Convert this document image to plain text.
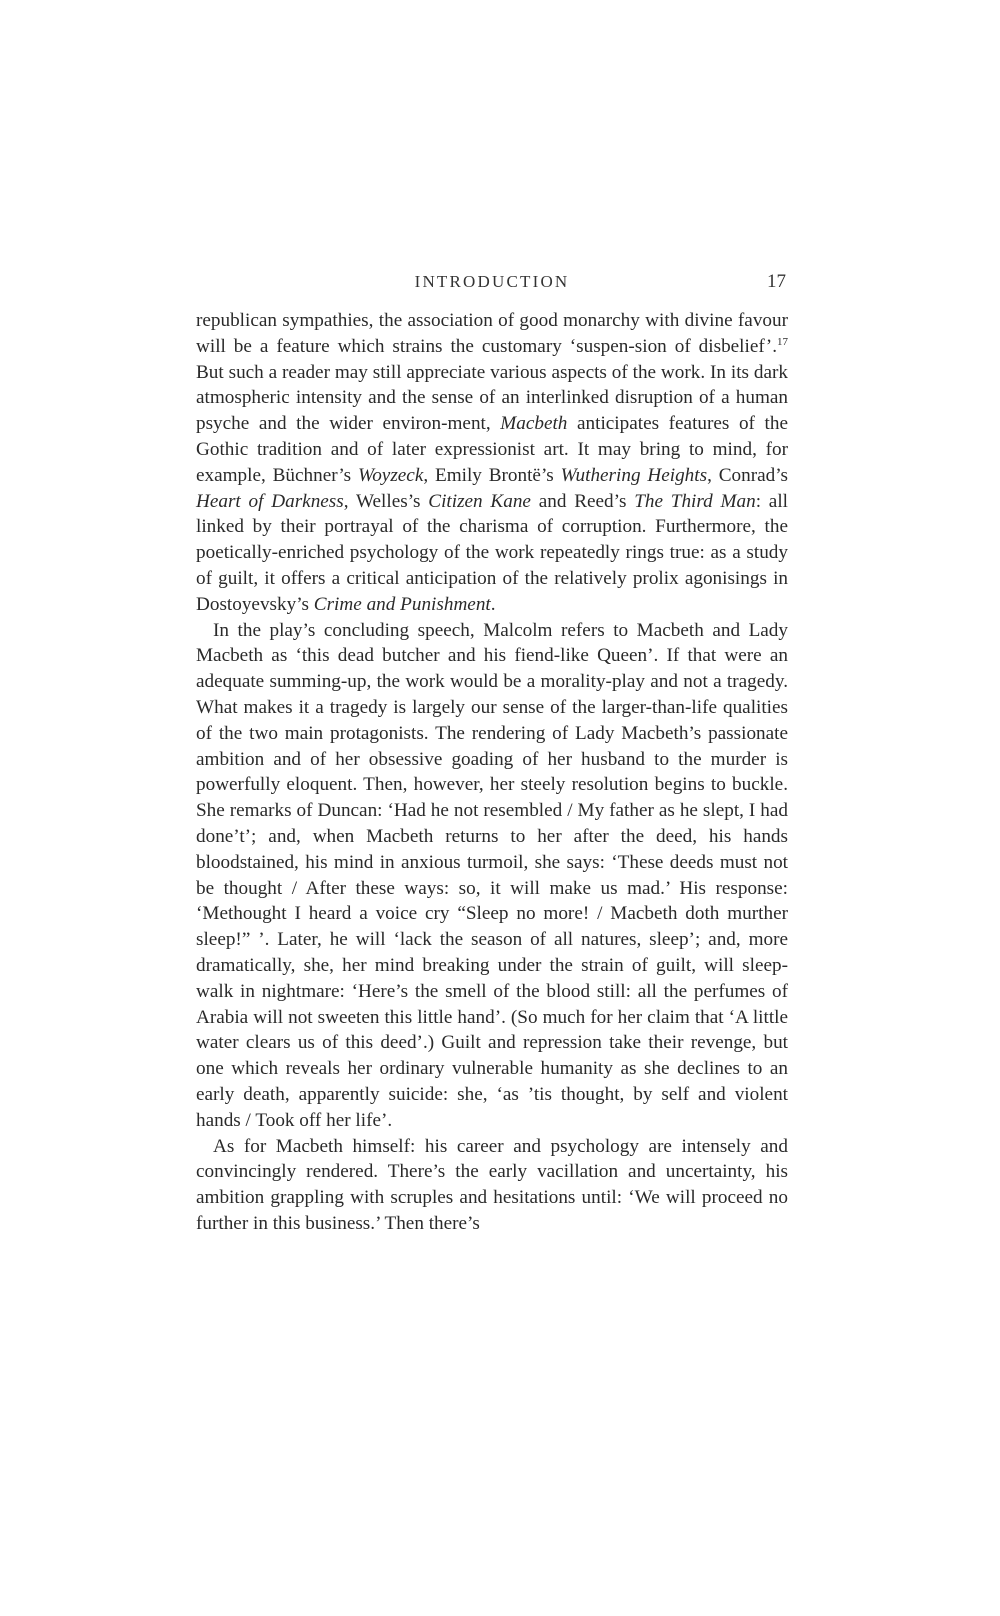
INTRODUCTION	17

republican sympathies, the association of good monarchy with divine favour will be a feature which strains the customary ‘suspen-sion of disbelief’.$^{17}$ But such a reader may still appreciate various aspects of the work. In its dark atmospheric intensity and the sense of an interlinked disruption of a human psyche and the wider environ-ment, Macbeth anticipates features of the Gothic tradition and of later expressionist art. It may bring to mind, for example, Büchner’s Woyzeck, Emily Brontë’s Wuthering Heights, Conrad’s Heart of Darkness, Welles’s Citizen Kane and Reed’s The Third Man: all linked by their portrayal of the charisma of corruption. Furthermore, the poetically-enriched psychology of the work repeatedly rings true: as a study of guilt, it offers a critical anticipation of the relatively prolix agonisings in Dostoyevsky’s Crime and Punishment.

In the play’s concluding speech, Malcolm refers to Macbeth and Lady Macbeth as ‘this dead butcher and his fiend-like Queen’. If that were an adequate summing-up, the work would be a morality-play and not a tragedy. What makes it a tragedy is largely our sense of the larger-than-life qualities of the two main protagonists. The rendering of Lady Macbeth’s passionate ambition and of her obsessive goading of her husband to the murder is powerfully eloquent. Then, however, her steely resolution begins to buckle. She remarks of Duncan: ‘Had he not resembled / My father as he slept, I had done’t’; and, when Macbeth returns to her after the deed, his hands bloodstained, his mind in anxious turmoil, she says: ‘These deeds must not be thought / After these ways: so, it will make us mad.’ His response: ‘Methought I heard a voice cry “Sleep no more! / Macbeth doth murther sleep!” ’. Later, he will ‘lack the season of all natures, sleep’; and, more dramatically, she, her mind breaking under the strain of guilt, will sleep-walk in nightmare: ‘Here’s the smell of the blood still: all the perfumes of Arabia will not sweeten this little hand’. (So much for her claim that ‘A little water clears us of this deed’.) Guilt and repression take their revenge, but one which reveals her ordinary vulnerable humanity as she declines to an early death, apparently suicide: she, ‘as ’tis thought, by self and violent hands / Took off her life’.

As for Macbeth himself: his career and psychology are intensely and convincingly rendered. There’s the early vacillation and uncertainty, his ambition grappling with scruples and hesitations until: ‘We will proceed no further in this business.’ Then there’s
